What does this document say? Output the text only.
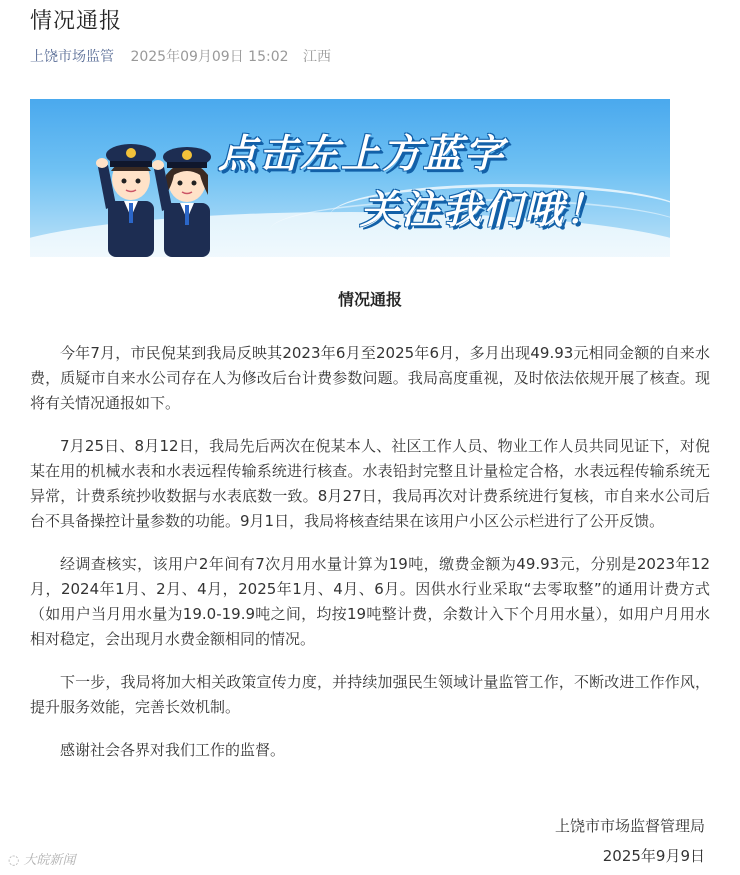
情况通报
上饶市场监管 2025年09月09日 15:02 江西
点击左上方蓝字
关注我们哦！
情况通报

今年7月，市民倪某到我局反映其2023年6月至2025年6月，多月出现49.93元相同金额的自来水费，质疑市自来水公司存在人为修改后台计费参数问题。我局高度重视，及时依法依规开展了核查。现将有关情况通报如下。

7月25日、8月12日，我局先后两次在倪某本人、社区工作人员、物业工作人员共同见证下，对倪某在用的机械水表和水表远程传输系统进行核查。水表铅封完整且计量检定合格，水表远程传输系统无异常，计费系统抄收数据与水表底数一致。8月27日，我局再次对计费系统进行复核，市自来水公司后台不具备操控计量参数的功能。9月1日，我局将核查结果在该用户小区公示栏进行了公开反馈。

经调查核实，该用户2年间有7次月用水量计算为19吨，缴费金额为49.93元，分别是2023年12月，2024年1月、2月、4月，2025年1月、4月、6月。因供水行业采取“去零取整”的通用计费方式（如用户当月用水量为19.0-19.9吨之间，均按19吨整计费，余数计入下个月用水量），如用户月用水相对稳定，会出现月水费金额相同的情况。

下一步，我局将加大相关政策宣传力度，并持续加强民生领域计量监管工作，不断改进工作作风，提升服务效能，完善长效机制。

感谢社会各界对我们工作的监督。

上饶市市场监督管理局
2025年9月9日
◌ 大皖新闻
